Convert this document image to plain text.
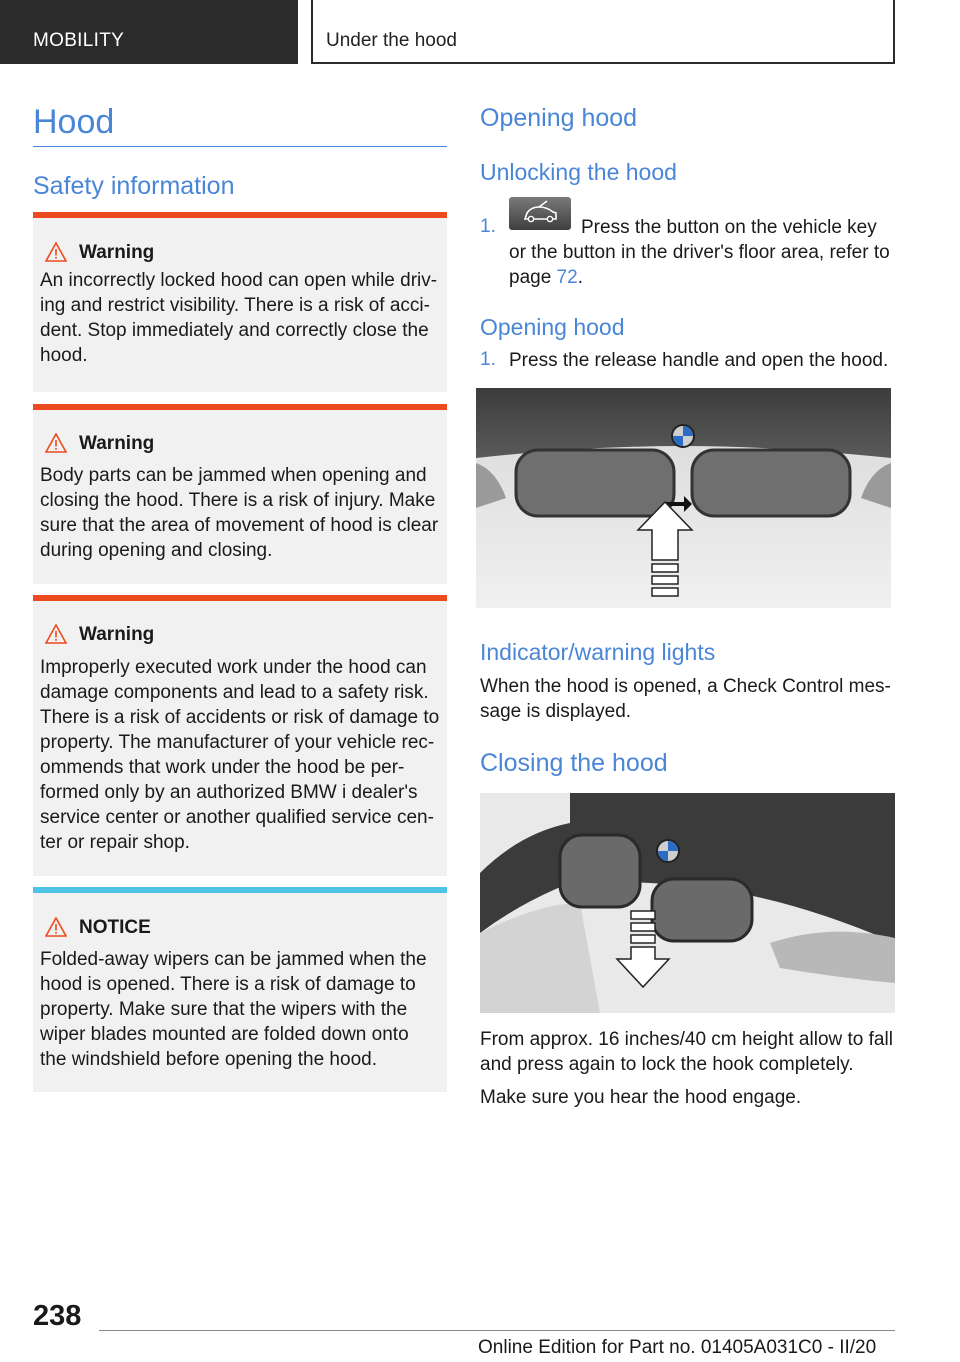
MOBILITY	Under the hood
Hood
Safety information
Warning
An incorrectly locked hood can open while driv-
ing and restrict visibility. There is a risk of acci-
dent. Stop immediately and correctly close the
hood.
Warning
Body parts can be jammed when opening and
closing the hood. There is a risk of injury. Make
sure that the area of movement of hood is clear
during opening and closing.
Warning
Improperly executed work under the hood can
damage components and lead to a safety risk.
There is a risk of accidents or risk of damage to
property. The manufacturer of your vehicle rec-
ommends that work under the hood be per-
formed only by an authorized BMW i dealer's
service center or another qualified service cen-
ter or repair shop.
NOTICE
Folded-away wipers can be jammed when the
hood is opened. There is a risk of damage to
property. Make sure that the wipers with the
wiper blades mounted are folded down onto
the windshield before opening the hood.
Opening hood
Unlocking the hood
1.	Press the button on the vehicle key
or the button in the driver's floor area, refer to
page 72.
Opening hood
1. Press the release handle and open the hood.
Indicator/warning lights
When the hood is opened, a Check Control mes-
sage is displayed.
Closing the hood
From approx. 16 inches/40 cm height allow to fall
and press again to lock the hook completely.
Make sure you hear the hood engage.
238
Online Edition for Part no. 01405A031C0 - II/20
